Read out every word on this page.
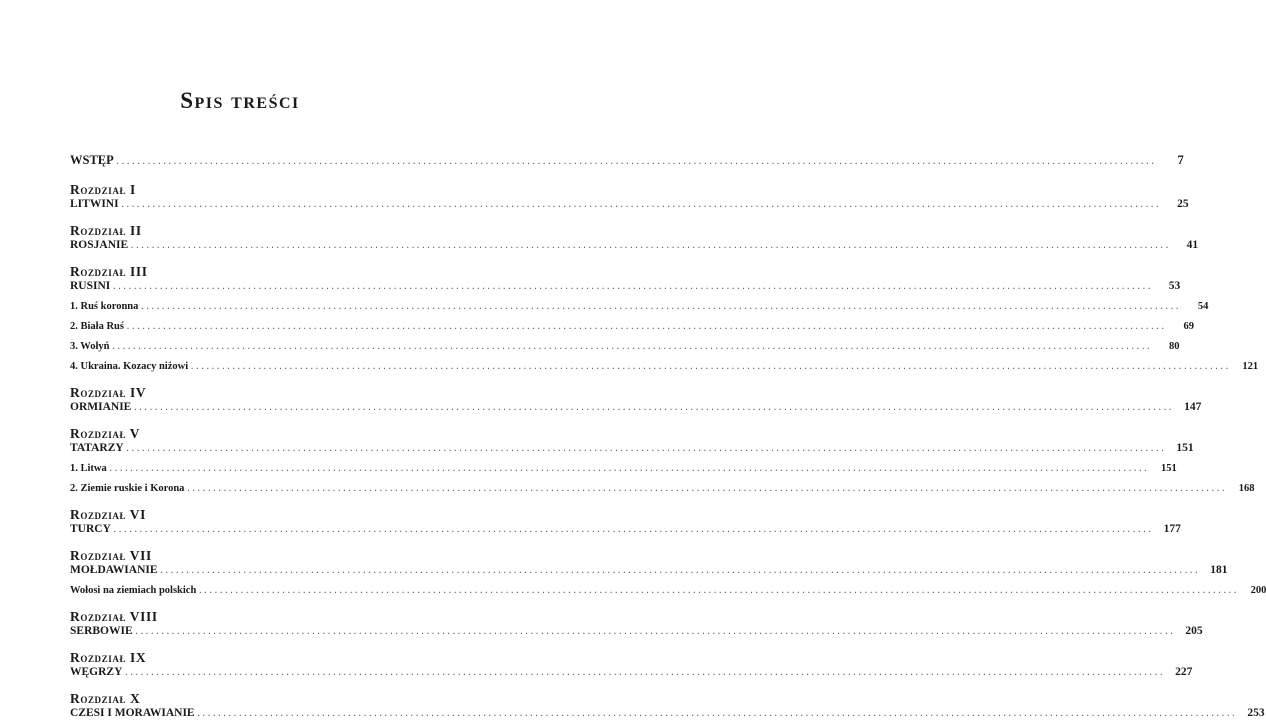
Spis treści
WSTĘP ........................................................................................................................................................................................................	7
Rozdział I
LITWINI ........................................................................................................................................................................................................	25
Rozdział II
ROSJANIE ........................................................................................................................................................................................................	41
Rozdział III
RUSINI ........................................................................................................................................................................................................	53
1. Ruś koronna ........................................................................................................................................................................................................	54
2. Biała Ruś ........................................................................................................................................................................................................	69
3. Wołyń ........................................................................................................................................................................................................	80
4. Ukraina. Kozacy niżowi ........................................................................................................................................................................................................	121
Rozdział IV
ORMIANIE ........................................................................................................................................................................................................ 147
Rozdział V
TATARZY ........................................................................................................................................................................................................ 151
1. Litwa ........................................................................................................................................................................................................	151
2. Ziemie ruskie i Korona ........................................................................................................................................................................................................	168
Rozdział VI
TURCY ........................................................................................................................................................................................................ 177
Rozdział VII
MOŁDAWIANIE ........................................................................................................................................................................................................ 181
Wołosi na ziemiach polskich ........................................................................................................................................................................................................	200
Rozdział VIII
SERBOWIE ........................................................................................................................................................................................................ 205
Rozdział IX
WĘGRZY ........................................................................................................................................................................................................ 227
Rozdział X
CZESI I MORAWIANIE ........................................................................................................................................................................................................ 253
